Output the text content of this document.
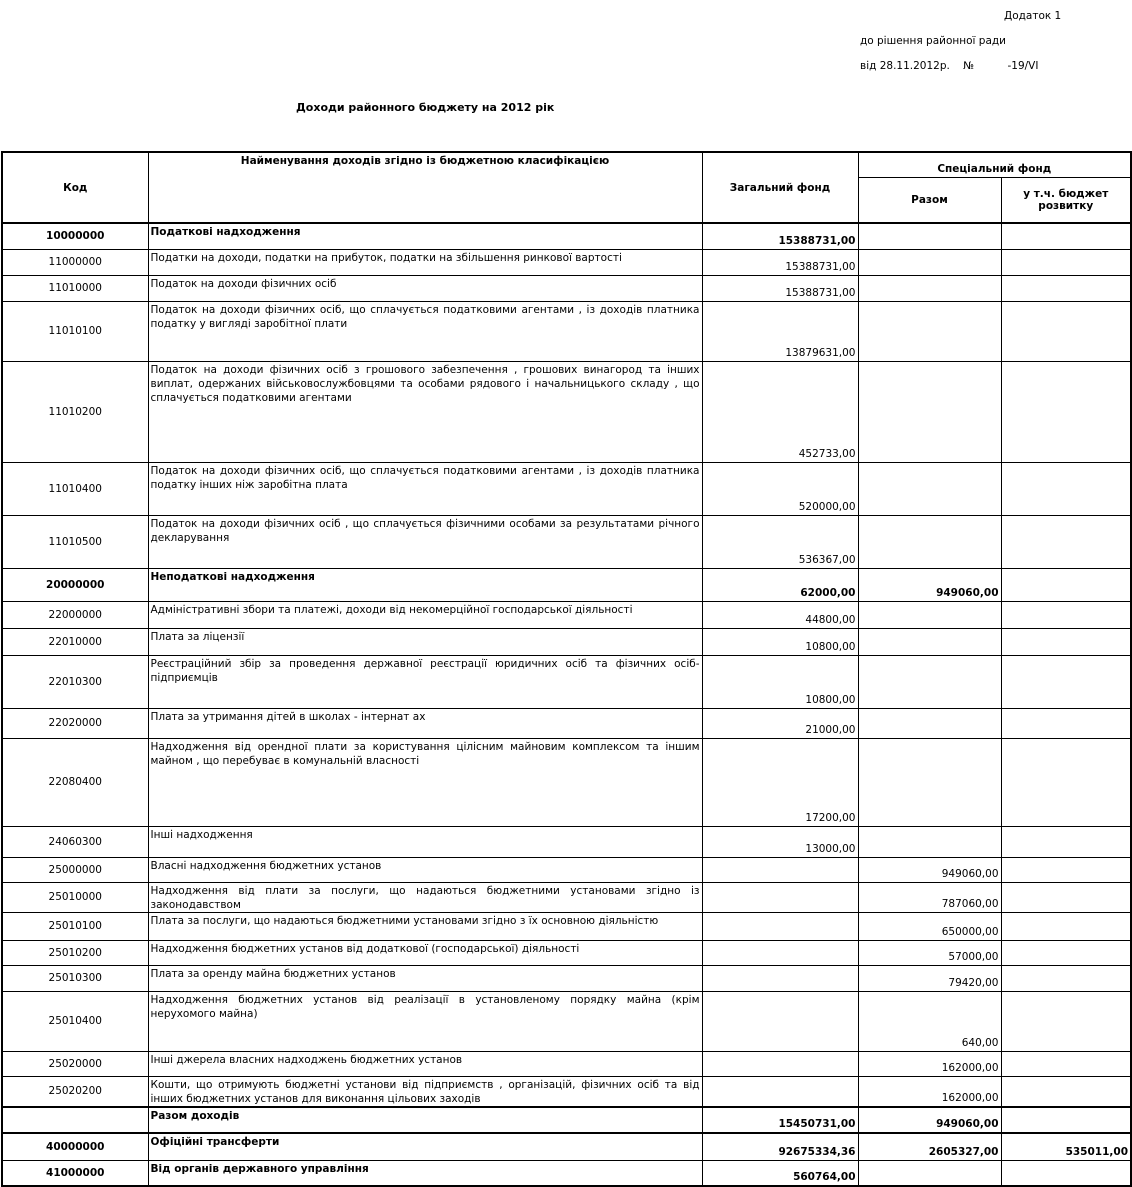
Додаток 1
до рішення районної ради
від 28.11.2012р.    №          -19/VI
Доходи районного бюджету на 2012 рік
Код	Найменування доходів згідно із бюджетною класифікацією	Загальний фонд	Спеціальний фонд	
			Разом	у т.ч. бюджет розвитку
10000000	Податкові надходження	15388731,00		
11000000	Податки на доходи, податки на прибуток, податки на збільшення ринкової вартості	15388731,00		
11010000	Податок на доходи фізичних осіб	15388731,00		
11010100	Податок на доходи фізичних осіб, що сплачується податковими агентами , із доходів платника податку у вигляді заробітної плати	13879631,00		
11010200	Податок на доходи фізичних осіб з грошового забезпечення , грошових винагород та інших виплат, одержаних військовослужбовцями та особами рядового і начальницького складу , що сплачується податковими агентами	452733,00		
11010400	Податок на доходи фізичних осіб, що сплачується податковими агентами , із доходів платника податку інших ніж заробітна плата	520000,00		
11010500	Податок на доходи фізичних осіб , що сплачується фізичними особами за результатами річного декларування	536367,00		
20000000	Неподаткові надходження	62000,00	949060,00	
22000000	Адміністративні збори та платежі, доходи від некомерційної господарської діяльності	44800,00		
22010000	Плата за ліцензії	10800,00		
22010300	Реєстраційний збір за проведення державної реєстрації юридичних осіб та фізичних осіб-підприємців	10800,00		
22020000	Плата за утримання дітей в школах - інтернат ах	21000,00		
22080400	Надходження від орендної плати за користування цілісним майновим комплексом та іншим майном , що перебуває в комунальній власності	17200,00		
24060300	Інші надходження	13000,00		
25000000	Власні надходження бюджетних установ		949060,00	
25010000	Надходження від плати за послуги, що надаються бюджетними установами згідно із законодавством		787060,00	
25010100	Плата за послуги, що надаються бюджетними установами згідно з їх основною діяльністю		650000,00	
25010200	Надходження бюджетних установ від додаткової (господарської) діяльності		57000,00	
25010300	Плата за оренду майна бюджетних установ		79420,00	
25010400	Надходження бюджетних установ від реалізації в установленому порядку майна (крім нерухомого майна)		640,00	
25020000	Інші джерела власних надходжень бюджетних установ		162000,00	
25020200	Кошти, що отримують бюджетні установи від підприємств , організацій, фізичних осіб та від інших бюджетних установ для виконання цільових заходів		162000,00	
	Разом доходів	15450731,00	949060,00	
40000000	Офіційні трансферти	92675334,36	2605327,00	535011,00
41000000	Від органів державного управління	560764,00		
